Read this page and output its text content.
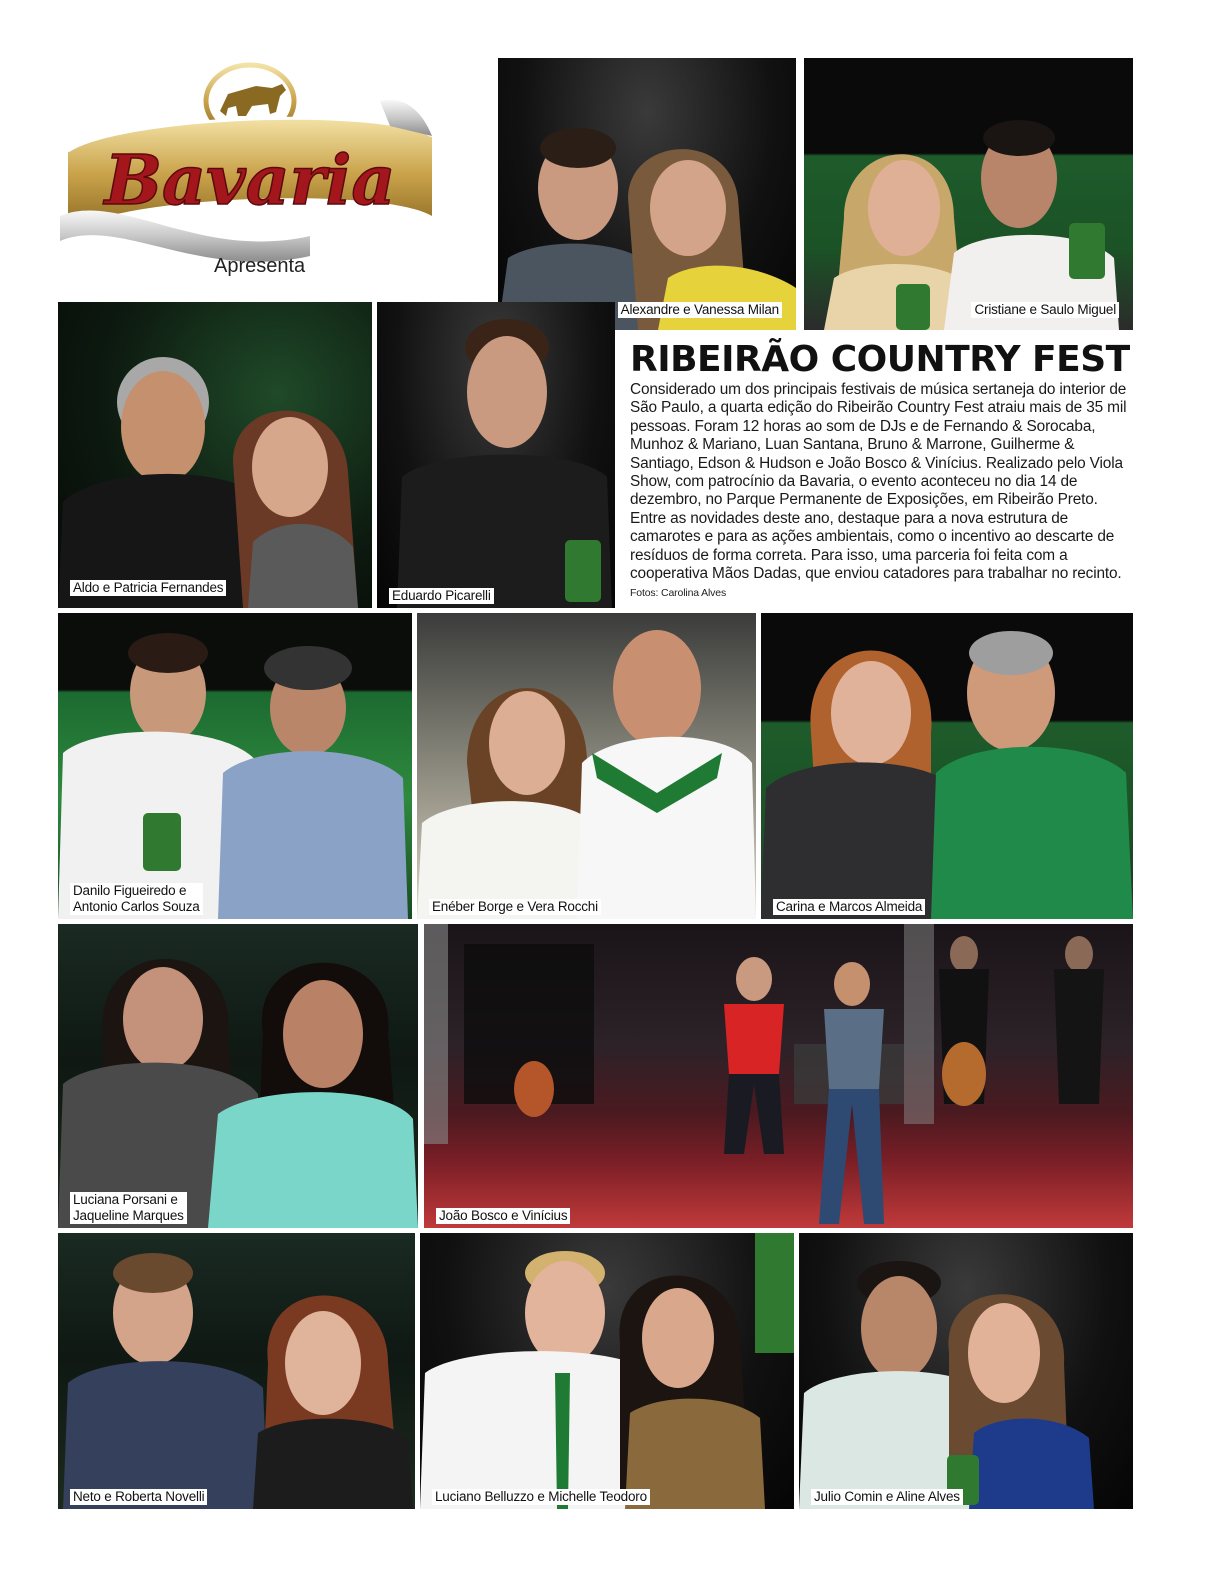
Bavaria
Apresenta
Alexandre e Vanessa Milan	Cristiane e Saulo Miguel
Aldo e Patricia Fernandes
Eduardo Picarelli
RIBEIRÃO COUNTRY FEST

Considerado um dos principais festivais de música sertaneja do interior de São Paulo, a quarta edição do Ribeirão Country Fest atraiu mais de 35 mil pessoas. Foram 12 horas ao som de DJs e de Fernando & Sorocaba, Munhoz & Mariano, Luan Santana, Bruno & Marrone, Guilherme & Santiago, Edson & Hudson e João Bosco & Vinícius. Realizado pelo Viola Show, com patrocínio da Bavaria, o evento aconteceu no dia 14 de dezembro, no Parque Permanente de Exposições, em Ribeirão Preto. Entre as novidades deste ano, destaque para a nova estrutura de camarotes e para as ações ambientais, como o incentivo ao descarte de resíduos de forma correta. Para isso, uma parceria foi feita com a cooperativa Mãos Dadas, que enviou catadores para trabalhar no recinto. Fotos: Carolina Alves

Danilo Figueiredo e
Antonio Carlos Souza	Enéber Borge e Vera Rocchi	Carina e Marcos Almeida
Luciana Porsani e
Jaqueline Marques	João Bosco e Vinícius
Neto e Roberta Novelli	Luciano Belluzzo e Michelle Teodoro	Julio Comin e Aline Alves
